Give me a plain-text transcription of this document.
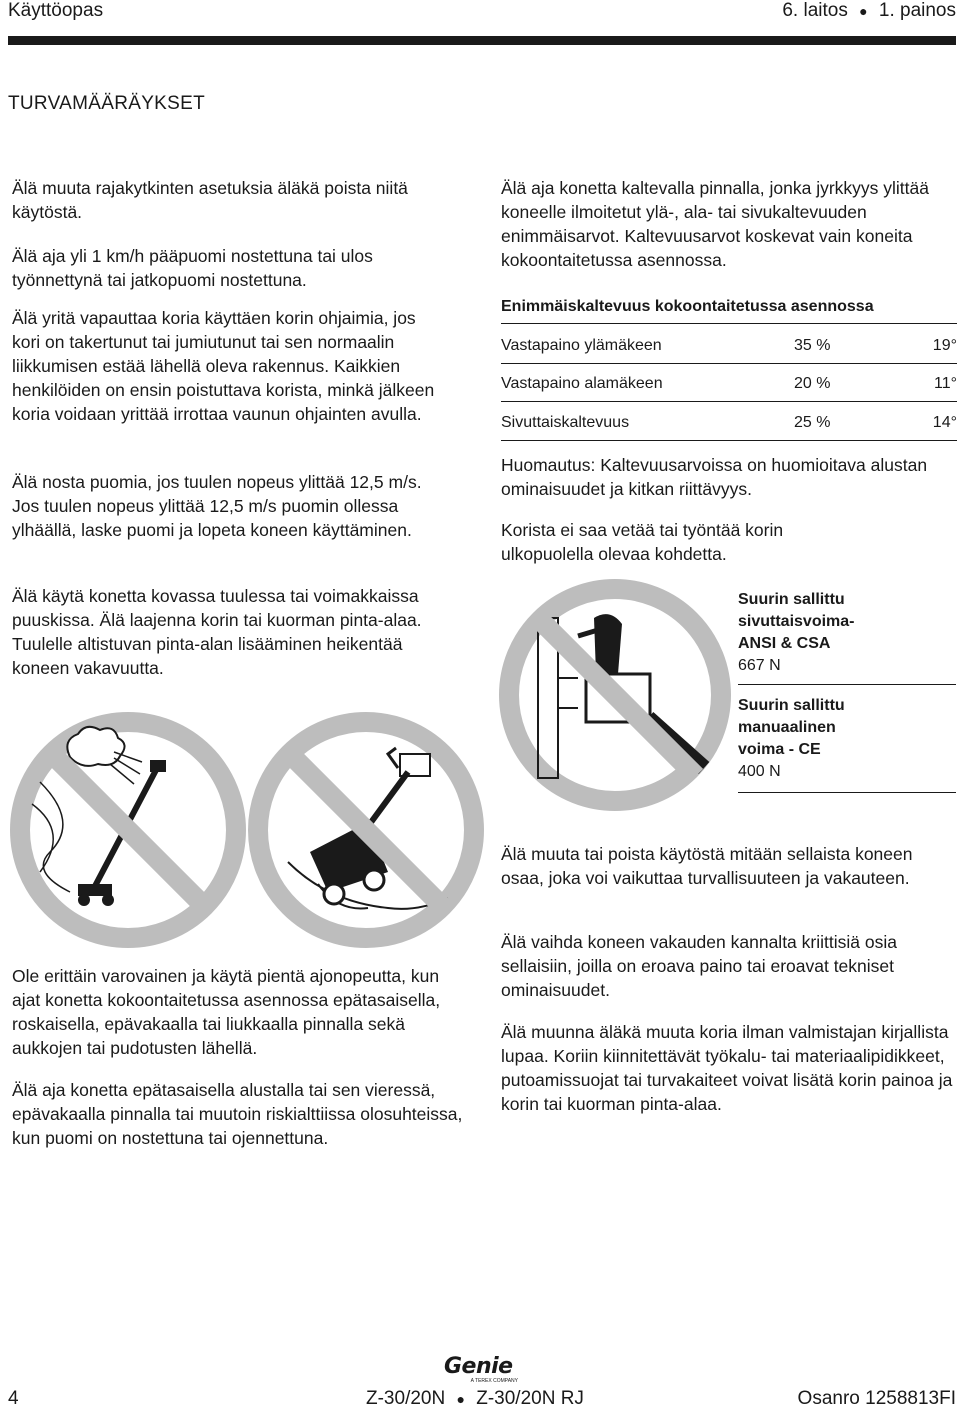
Käyttöopas	6. laitos ● 1. painos
TURVAMÄÄRÄYKSET
Älä muuta rajakytkinten asetuksia äläkä poista niitä käytöstä.
Älä aja yli 1 km/h pääpuomi nostettuna tai ulos työnnettynä tai jatkopuomi nostettuna.
Älä yritä vapauttaa koria käyttäen korin ohjaimia, jos kori on takertunut tai jumiutunut tai sen normaalin liikkumisen estää lähellä oleva rakennus. Kaikkien henkilöiden on ensin poistuttava korista, minkä jälkeen koria voidaan yrittää irrottaa vaunun ohjainten avulla.
Älä nosta puomia, jos tuulen nopeus ylittää 12,5 m/s. Jos tuulen nopeus ylittää 12,5 m/s puomin ollessa ylhäällä, laske puomi ja lopeta koneen käyttäminen.
Älä käytä konetta kovassa tuulessa tai voimakkaissa puuskissa. Älä laajenna korin tai kuorman pinta-alaa. Tuulelle altistuvan pinta-alan lisääminen heikentää koneen vakavuutta.
Ole erittäin varovainen ja käytä pientä ajonopeutta, kun ajat konetta kokoontaitetussa asennossa epätasaisella, roskaisella, epävakaalla tai liukkaalla pinnalla sekä aukkojen tai pudotusten lähellä.
Älä aja konetta epätasaisella alustalla tai sen vieressä, epävakaalla pinnalla tai muutoin riskialttiissa olosuhteissa, kun puomi on nostettuna tai ojennettuna.
Älä aja konetta kaltevalla pinnalla, jonka jyrkkyys ylittää koneelle ilmoitetut ylä-, ala- tai sivukaltevuuden enimmäisarvot. Kaltevuusarvot koskevat vain koneita kokoontaitetussa asennossa.
Enimmäiskaltevuus kokoontaitetussa asennossa
Vastapaino ylämäkeen	35 %	19°
Vastapaino alamäkeen	20 %	11°
Sivuttaiskaltevuus	25 %	14°
Huomautus: Kaltevuusarvoissa on huomioitava alustan ominaisuudet ja kitkan riittävyys.
Korista ei saa vetää tai työntää korin ulkopuolella olevaa kohdetta.
Suurin sallittu
sivuttaisvoima-
ANSI & CSA
667 N
Suurin sallittu
manuaalinen
voima - CE
400 N
Älä muuta tai poista käytöstä mitään sellaista koneen osaa, joka voi vaikuttaa turvallisuuteen ja vakauteen.
Älä vaihda koneen vakauden kannalta kriittisiä osia sellaisiin, joilla on eroava paino tai eroavat tekniset ominaisuudet.
Älä muunna äläkä muuta koria ilman valmistajan kirjallista lupaa. Koriin kiinnitettävät työkalu- tai materiaalipidikkeet, putoamissuojat tai turvakaiteet voivat lisätä korin painoa ja korin tai kuorman pinta-alaa.
Genie
A TEREX COMPANY
4	Z-30/20N ● Z-30/20N RJ	Osanro 1258813FI
